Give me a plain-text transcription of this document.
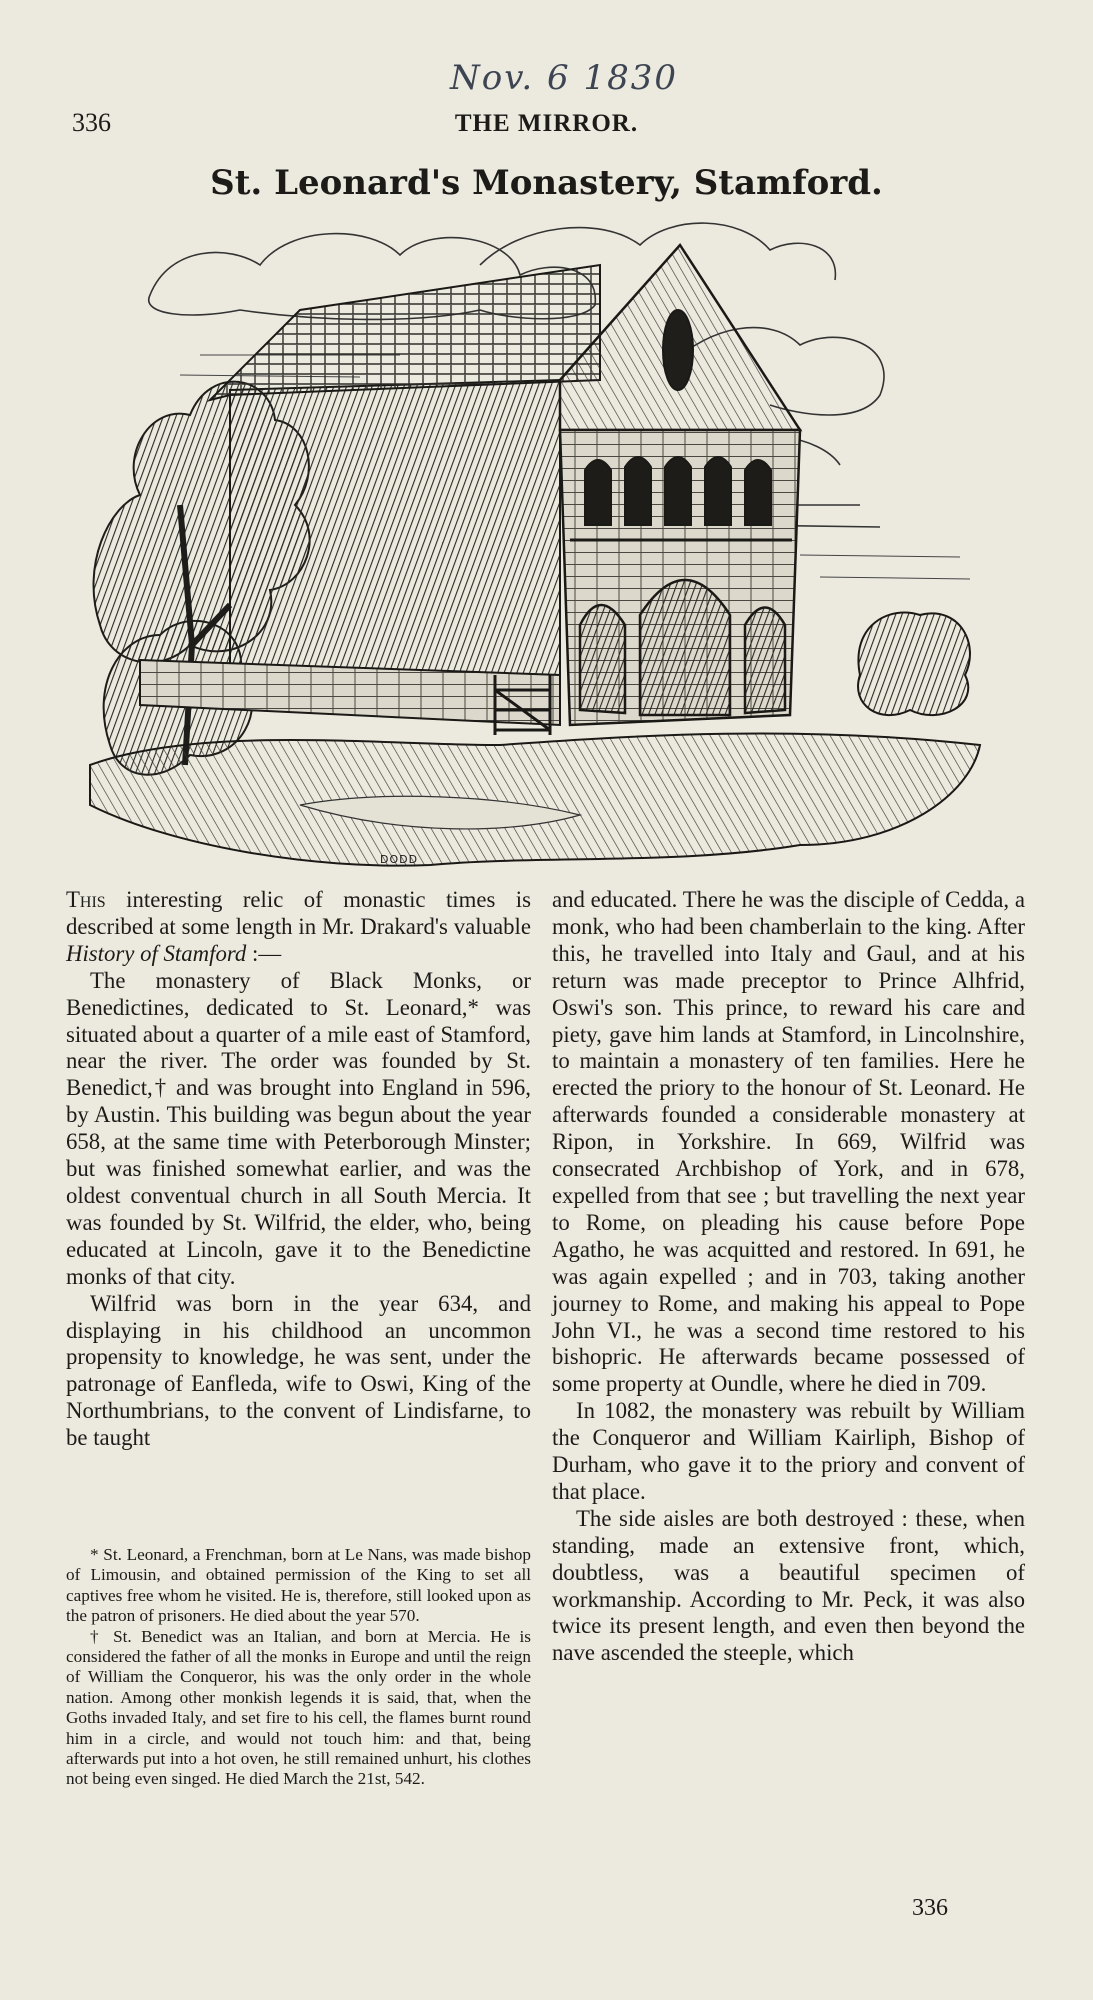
Nov. 6 1830
336	THE MIRROR.
St. Leonard's Monastery, Stamford.
DODD

This interesting relic of monastic times is described at some length in Mr. Drakard's valuable History of Stamford :—

The monastery of Black Monks, or Benedictines, dedicated to St. Leonard,* was situated about a quarter of a mile east of Stamford, near the river. The order was founded by St. Benedict,† and was brought into England in 596, by Austin. This building was begun about the year 658, at the same time with Peterborough Minster; but was finished somewhat earlier, and was the oldest conventual church in all South Mercia. It was founded by St. Wilfrid, the elder, who, being educated at Lincoln, gave it to the Benedictine monks of that city.

Wilfrid was born in the year 634, and displaying in his childhood an uncommon propensity to knowledge, he was sent, under the patronage of Eanfleda, wife to Oswi, King of the Northumbrians, to the convent of Lindisfarne, to be taught

* St. Leonard, a Frenchman, born at Le Nans, was made bishop of Limousin, and obtained permission of the King to set all captives free whom he visited. He is, therefore, still looked upon as the patron of prisoners. He died about the year 570.

† St. Benedict was an Italian, and born at Mercia. He is considered the father of all the monks in Europe and until the reign of William the Conqueror, his was the only order in the whole nation. Among other monkish legends it is said, that, when the Goths invaded Italy, and set fire to his cell, the flames burnt round him in a circle, and would not touch him: and that, being afterwards put into a hot oven, he still remained unhurt, his clothes not being even singed. He died March the 21st, 542.

and educated. There he was the disciple of Cedda, a monk, who had been chamberlain to the king. After this, he travelled into Italy and Gaul, and at his return was made preceptor to Prince Alhfrid, Oswi's son. This prince, to reward his care and piety, gave him lands at Stamford, in Lincolnshire, to maintain a monastery of ten families. Here he erected the priory to the honour of St. Leonard. He afterwards founded a considerable monastery at Ripon, in Yorkshire. In 669, Wilfrid was consecrated Archbishop of York, and in 678, expelled from that see ; but travelling the next year to Rome, on pleading his cause before Pope Agatho, he was acquitted and restored. In 691, he was again expelled ; and in 703, taking another journey to Rome, and making his appeal to Pope John VI., he was a second time restored to his bishopric. He afterwards became possessed of some property at Oundle, where he died in 709.

In 1082, the monastery was rebuilt by William the Conqueror and William Kairliph, Bishop of Durham, who gave it to the priory and convent of that place.

The side aisles are both destroyed : these, when standing, made an extensive front, which, doubtless, was a beautiful specimen of workmanship. According to Mr. Peck, it was also twice its present length, and even then beyond the nave ascended the steeple, which

336
